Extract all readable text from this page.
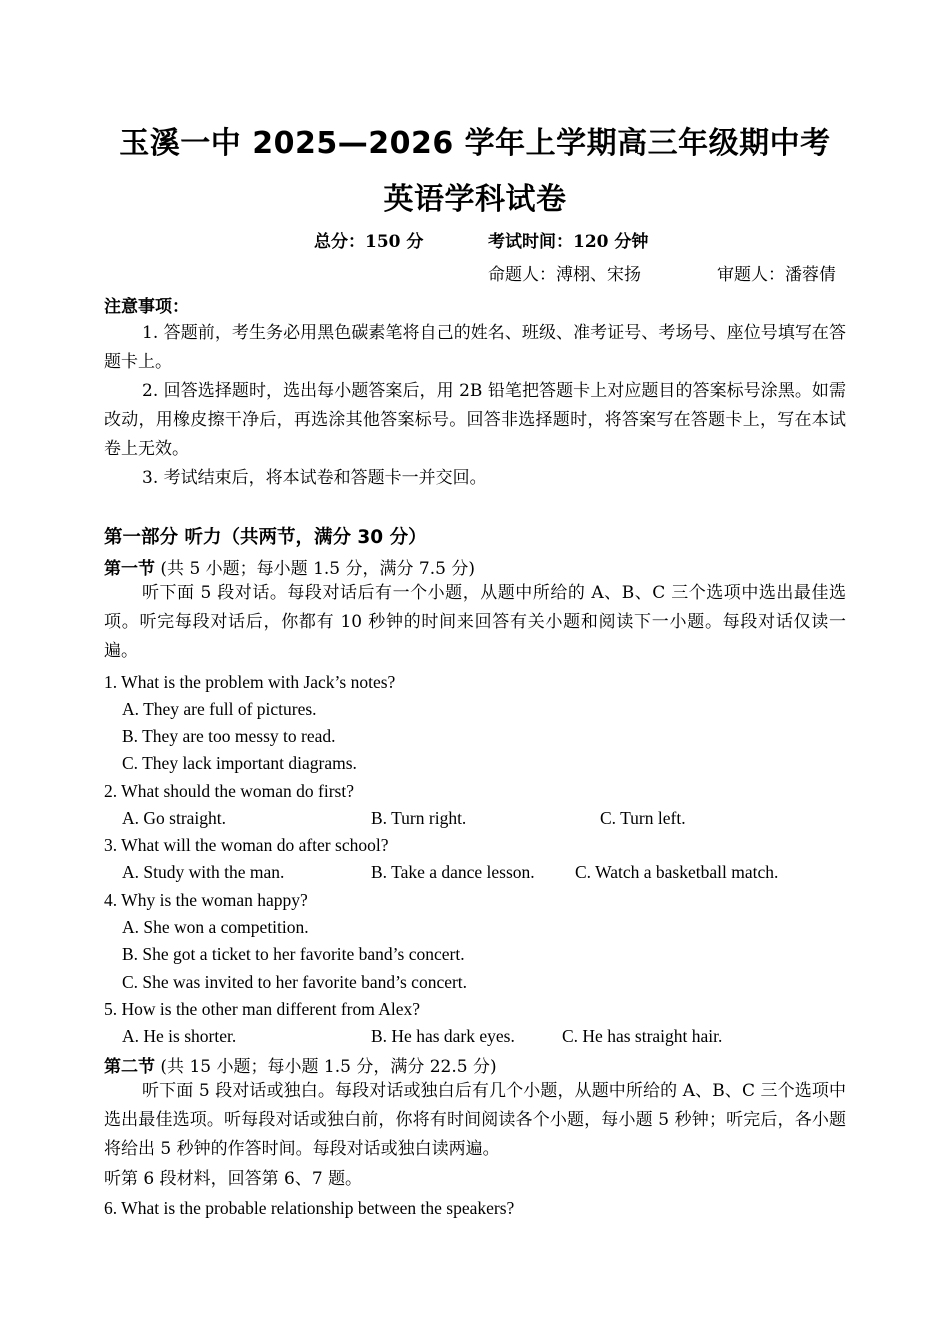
玉溪一中 2025—2026 学年上学期高三年级期中考
英语学科试卷
总分：150 分	考试时间：120 分钟
命题人：溥栩、宋扬	审题人：潘蓉倩
注意事项：
1. 答题前，考生务必用黑色碳素笔将自己的姓名、班级、准考证号、考场号、座位号填写在答题卡上。
2. 回答选择题时，选出每小题答案后，用 2B 铅笔把答题卡上对应题目的答案标号涂黑。如需改动，用橡皮擦干净后，再选涂其他答案标号。回答非选择题时，将答案写在答题卡上，写在本试卷上无效。
3. 考试结束后，将本试卷和答题卡一并交回。
第一部分 听力（共两节，满分 30 分）
第一节 (共 5 小题；每小题 1.5 分，满分 7.5 分)
听下面 5 段对话。每段对话后有一个小题，从题中所给的 A、B、C 三个选项中选出最佳选项。听完每段对话后，你都有 10 秒钟的时间来回答有关小题和阅读下一小题。每段对话仅读一遍。
1. What is the problem with Jack’s notes?
A. They are full of pictures.
B. They are too messy to read.
C. They lack important diagrams.
2. What should the woman do first?
A. Go straight.	B. Turn right.	C. Turn left.
3. What will the woman do after school?
A. Study with the man.	B. Take a dance lesson. C. Watch a basketball match.
4. Why is the woman happy?
A. She won a competition.
B. She got a ticket to her favorite band’s concert.
C. She was invited to her favorite band’s concert.
5. How is the other man different from Alex?
A. He is shorter.	B. He has dark eyes.	C. He has straight hair.
第二节 (共 15 小题；每小题 1.5 分，满分 22.5 分)
听下面 5 段对话或独白。每段对话或独白后有几个小题，从题中所给的 A、B、C 三个选项中选出最佳选项。听每段对话或独白前，你将有时间阅读各个小题，每小题 5 秒钟；听完后，各小题将给出 5 秒钟的作答时间。每段对话或独白读两遍。
听第 6 段材料，回答第 6、7 题。
6. What is the probable relationship between the speakers?
